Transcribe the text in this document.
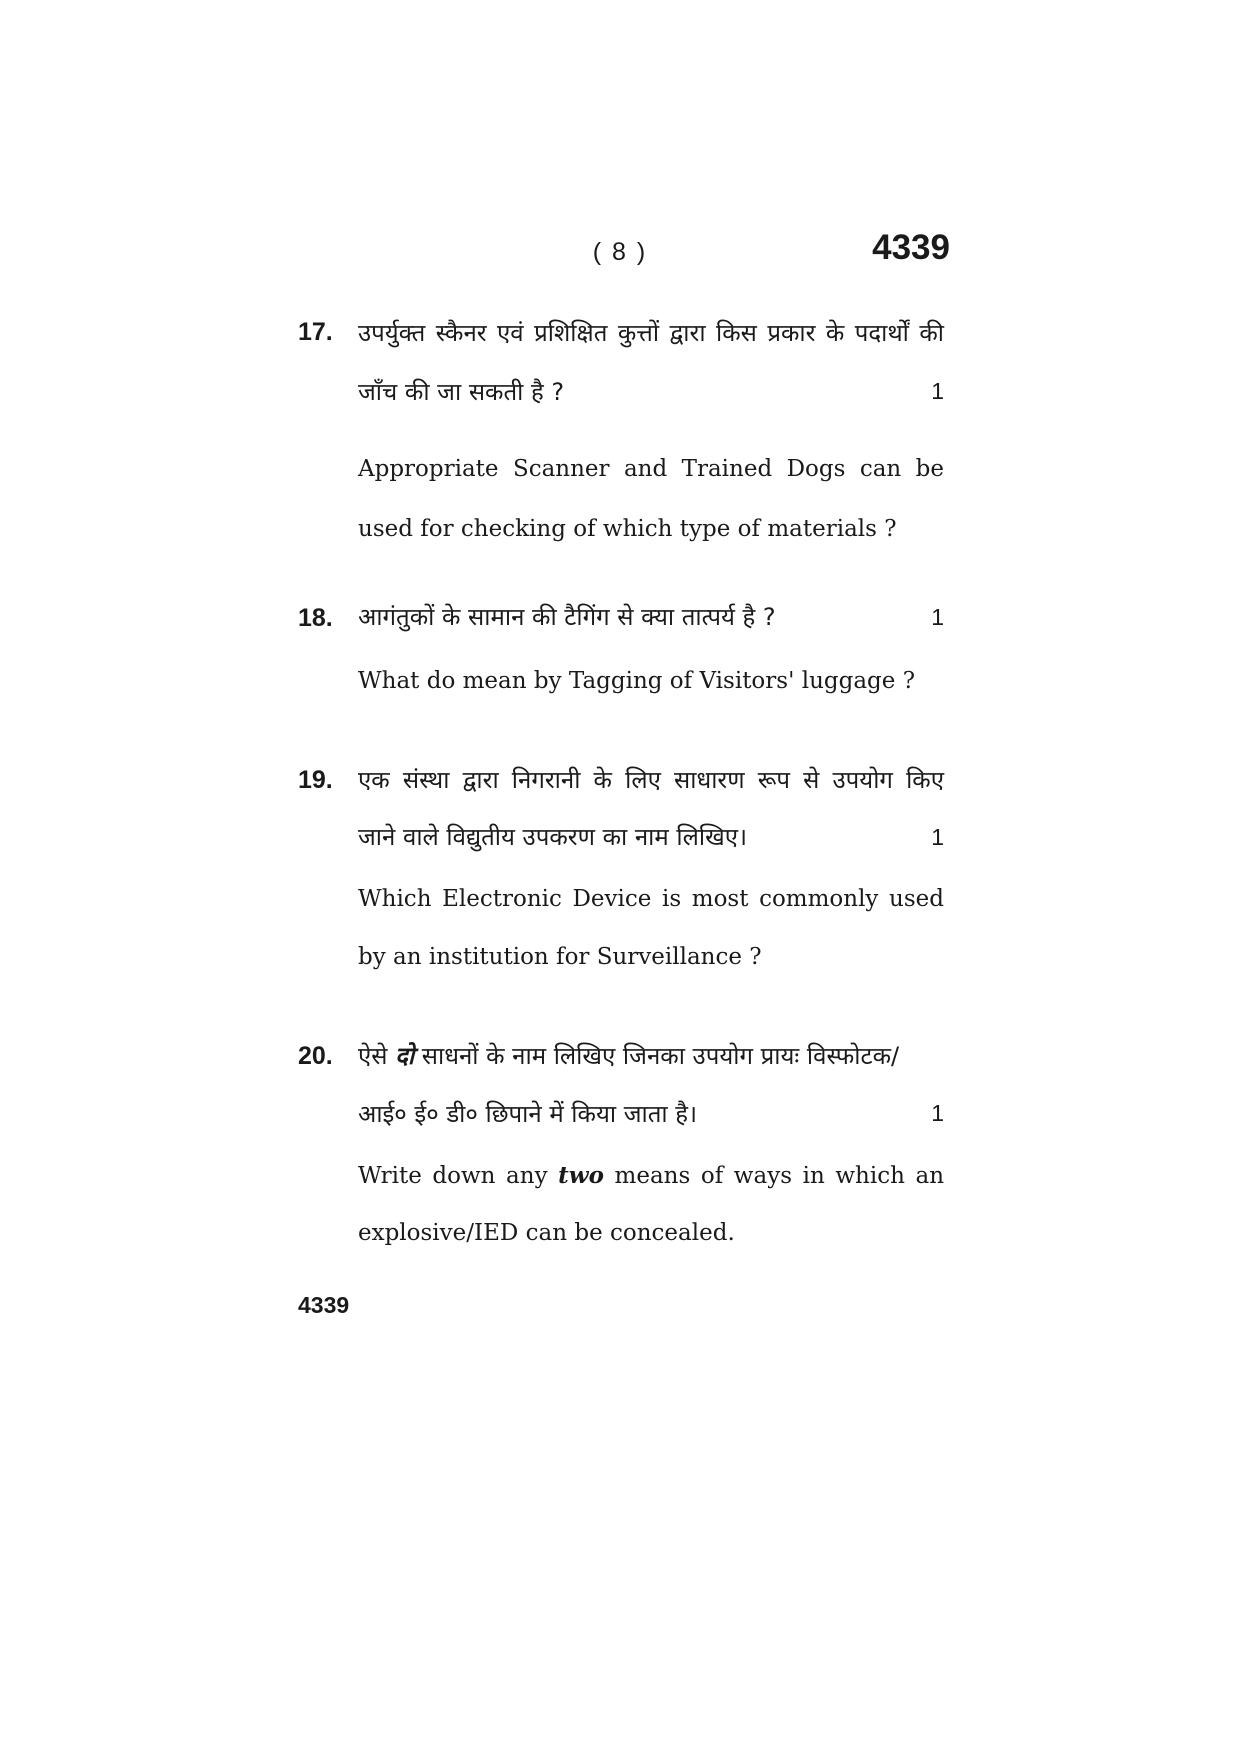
( 8 )	4339
17.	उपर्युक्त स्कैनर एवं प्रशिक्षित कुत्तों द्वारा किस प्रकार के पदार्थों की
जाँच की जा सकती है ?	1
Appropriate Scanner and Trained Dogs can be
used for checking of which type of materials ?
18.	आगंतुकों के सामान की टैगिंग से क्या तात्पर्य है ?	1
What do mean by Tagging of Visitors' luggage ?
19.	एक संस्था द्वारा निगरानी के लिए साधारण रूप से उपयोग किए
जाने वाले विद्युतीय उपकरण का नाम लिखिए।	1
Which Electronic Device is most commonly used
by an institution for Surveillance ?
20.	ऐसे दो साधनों के नाम लिखिए जिनका उपयोग प्रायः विस्फोटक/
आई० ई० डी० छिपाने में किया जाता है।	1
Write down any two means of ways in which an
explosive/IED can be concealed.
4339
